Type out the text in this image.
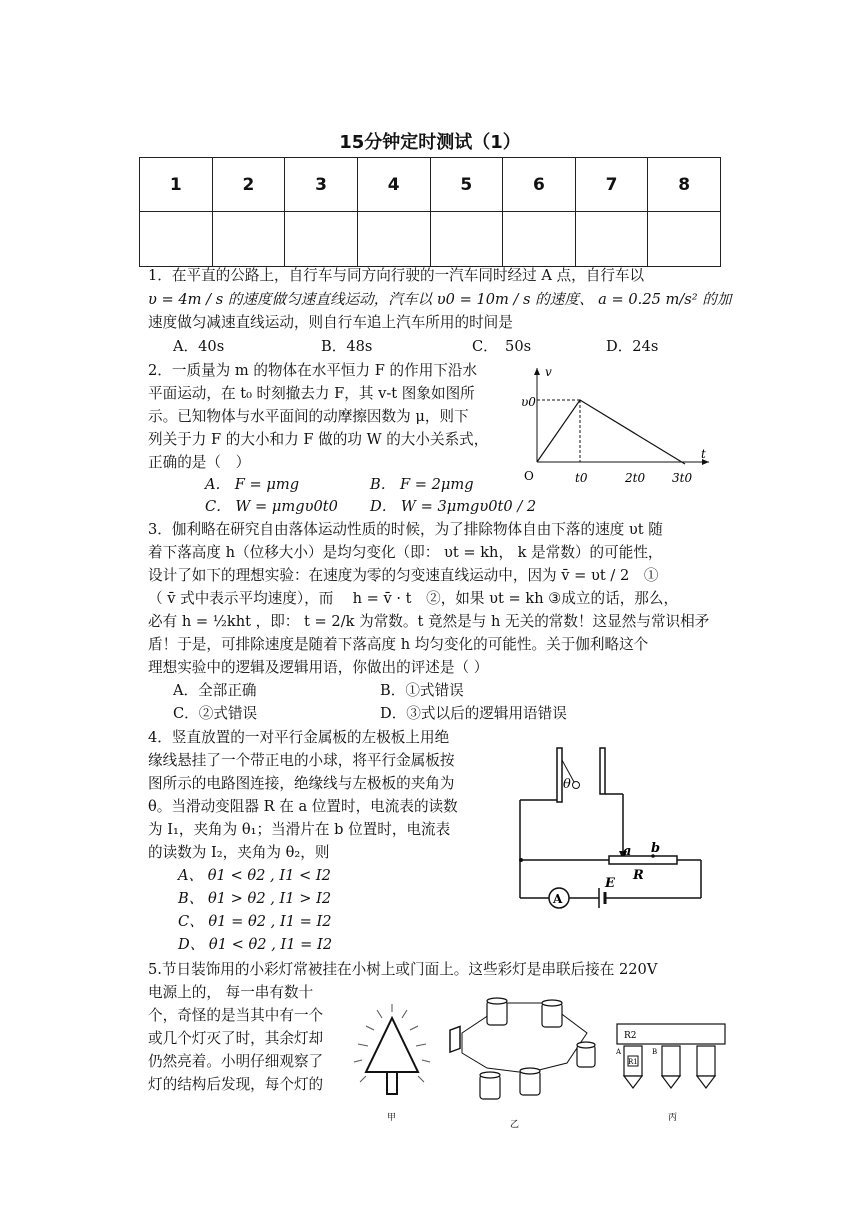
15分钟定时测试（1）
1	2	3	4	5	6	7	8

1．在平直的公路上，自行车与同方向行驶的一汽车同时经过 A 点，自行车以
υ = 4m / s 的速度做匀速直线运动，汽车以 υ0 = 10m / s 的速度、 a = 0.25 m/s² 的加
速度做匀减速直线运动，则自行车追上汽车所用的时间是
A．40s	B．48s	C．　50s	D．24s
2．一质量为 m 的物体在水平恒力 F 的作用下沿水
平面运动，在 t₀ 时刻撤去力 F，其 v-t 图象如图所
示。已知物体与水平面间的动摩擦因数为 μ，则下
列关于力 F 的大小和力 F 做的功 W 的大小关系式，
正确的是（　）
A． F = μmg	B． F = 2μmg
C． W = μmgυ0t0 D． W = 3μmgυ0t0 / 2
v
t
υ0
O	t0	2t0 3t0
3．伽利略在研究自由落体运动性质的时候，为了排除物体自由下落的速度 υt 随
着下落高度 h（位移大小）是均匀变化（即： υt = kh， k 是常数）的可能性，
设计了如下的理想实验：在速度为零的匀变速直线运动中，因为 v̄ = υt / 2　①
（ v̄ 式中表示平均速度），而　 h = v̄ · t　②，如果 υt = kh ③成立的话，那么，
必有 h = ½kht ，即： t = 2/k 为常数。t 竟然是与 h 无关的常数！这显然与常识相矛
盾！于是，可排除速度是随着下落高度 h 均匀变化的可能性。关于伽利略这个
理想实验中的逻辑及逻辑用语，你做出的评述是（ ）
A．全部正确	B．①式错误
C．②式错误	D．③式以后的逻辑用语错误
4．竖直放置的一对平行金属板的左极板上用绝
缘线悬挂了一个带正电的小球，将平行金属板按
图所示的电路图连接，绝缘线与左极板的夹角为
θ。当滑动变阻器 R 在 a 位置时，电流表的读数
为 I₁，夹角为 θ₁；当滑片在 b 位置时，电流表
的读数为 I₂，夹角为 θ₂，则
A、 θ1 < θ2 , I1 < I2
B、 θ1 > θ2 , I1 > I2
C、 θ1 = θ2 , I1 = I2
D、 θ1 < θ2 , I1 = I2
θ
a b
R
A
E
5.节日装饰用的小彩灯常被挂在小树上或门面上。这些彩灯是串联后接在 220V
电源上的， 每一串有数十
个，奇怪的是当其中有一个
或几个灯灭了时，其余灯却
仍然亮着。小明仔细观察了
灯的结构后发现，每个灯的
甲
乙
R2
R1
A	B
丙
